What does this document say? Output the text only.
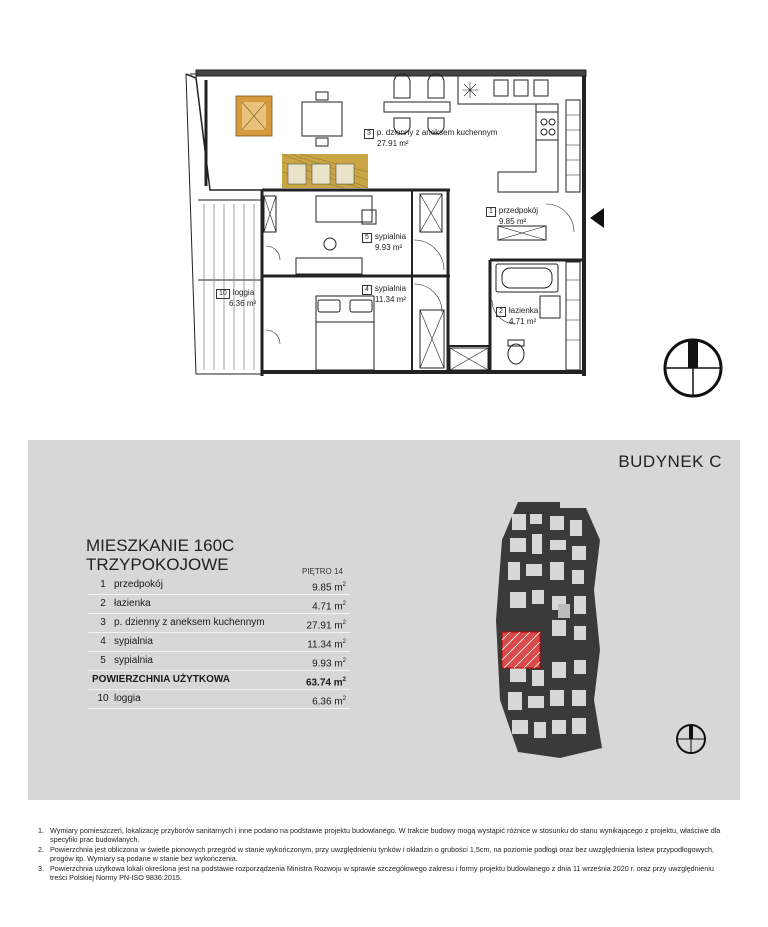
3 p. dzienny z aneksem kuchennym
27.91 m²
1 przedpokój
9.85 m²
5 sypialnia
9.93 m²
4 sypialnia
11.34 m²
2 łazienka
4.71 m²
10 loggia
6.36 m²
BUDYNEK C
MIESZKANIE 160C
TRZYPOKOJOWE	PIĘTRO 14
1 przedpokój	9.85 $m^2$
2 łazienka	4.71 $m^2$
3 p. dzienny z aneksem kuchennym	27.91 $m^2$
4 sypialnia	11.34 $m^2$
5 sypialnia	9.93 $m^2$
POWIERZCHNIA UŻYTKOWA	63.74 $m^2$
10 loggia	6.36 $m^2$
1. Wymiary pomieszczeń, lokalizację przyborów sanitarnych i inne podano na podstawie projektu budowlanego. W trakcie budowy mogą wystąpić różnice w stosunku do stanu wynikającego z projektu, właściwe dla specyfiki prac budowlanych.
2. Powierzchnia jest obliczona w świetle pionowych przegród w stanie wykończonym, przy uwzględnieniu tynków i okładzin o grubości 1,5cm, na poziomie podłogi oraz bez uwzględnienia listew przypodłogowych, progów itp. Wymiary są podane w stanie bez wykończenia.
3. Powierzchnia użytkowa lokali określona jest na podstawie rozporządzenia Ministra Rozwoju w sprawie szczegółowego zakresu i formy projektu budowlanego z dnia 11 września 2020 r. oraz przy uwzględnieniu treści Polskiej Normy PN-ISO 9836:2015.
